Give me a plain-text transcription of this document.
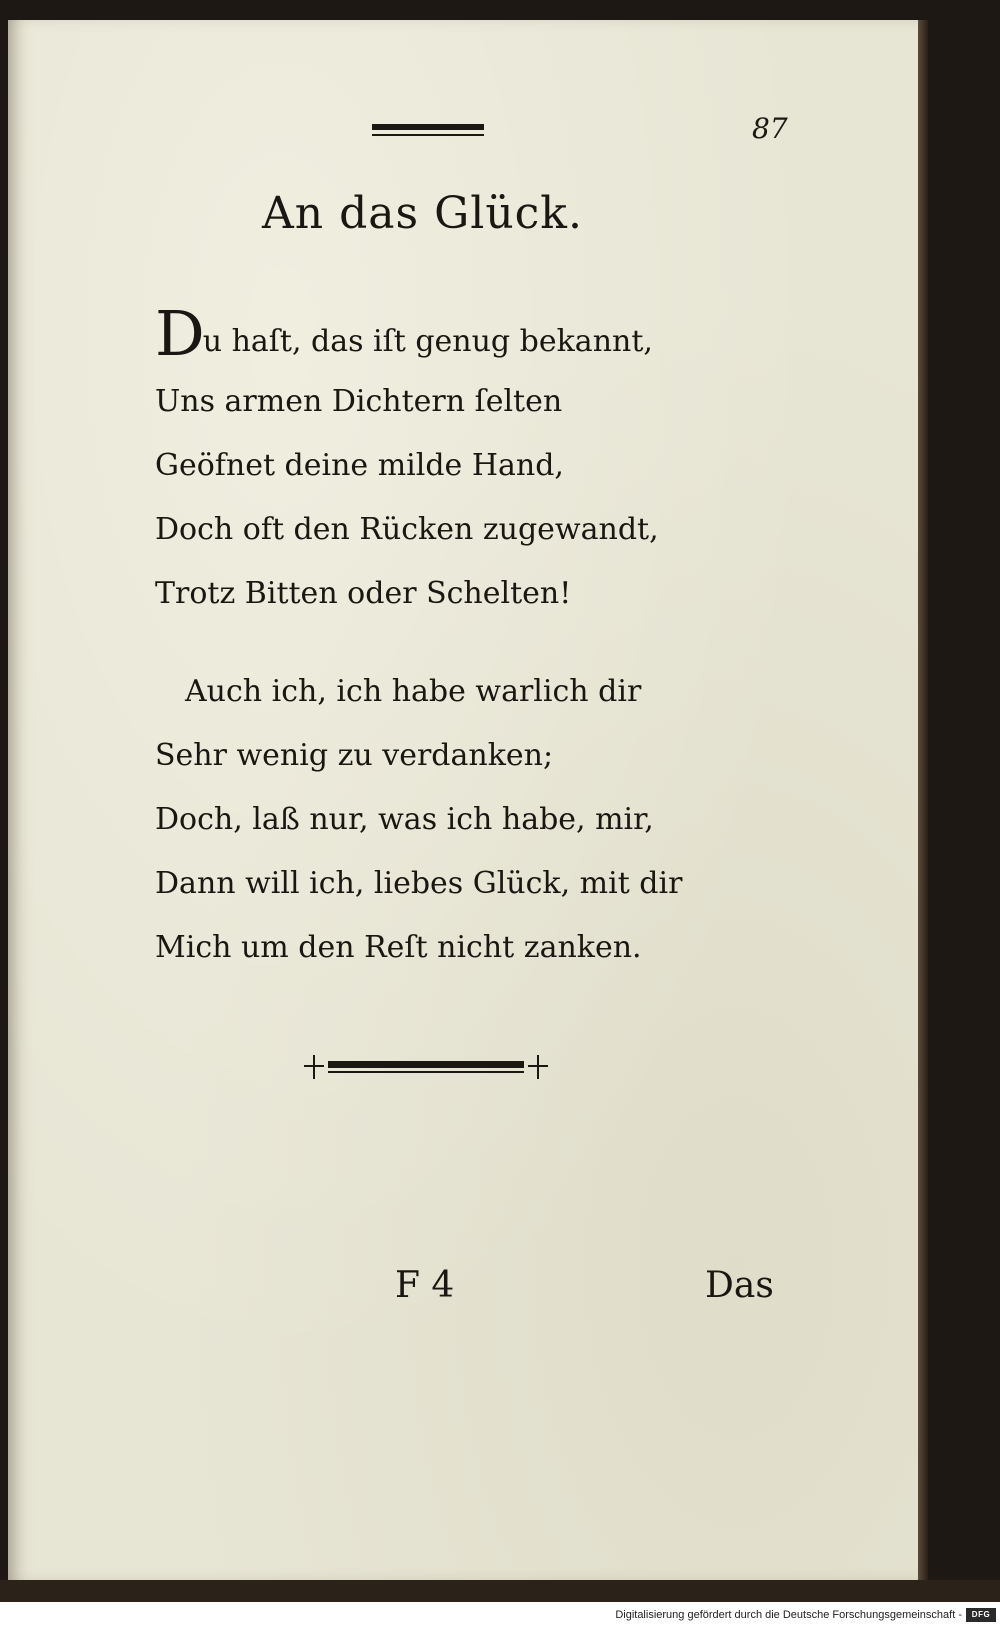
87
An das Glück.
Du haſt, das iſt genug bekannt,
Uns armen Dichtern ſelten
Geöfnet deine milde Hand,
Doch oft den Rücken zugewandt,
Trotz Bitten oder Schelten!
Auch ich, ich habe warlich dir
Sehr wenig zu verdanken;
Doch, laß nur, was ich habe, mir,
Dann will ich, liebes Glück, mit dir
Mich um den Reſt nicht zanken.
F 4	Das
Digitalisierung gefördert durch die Deutsche Forschungsgemeinschaft -	DFG
